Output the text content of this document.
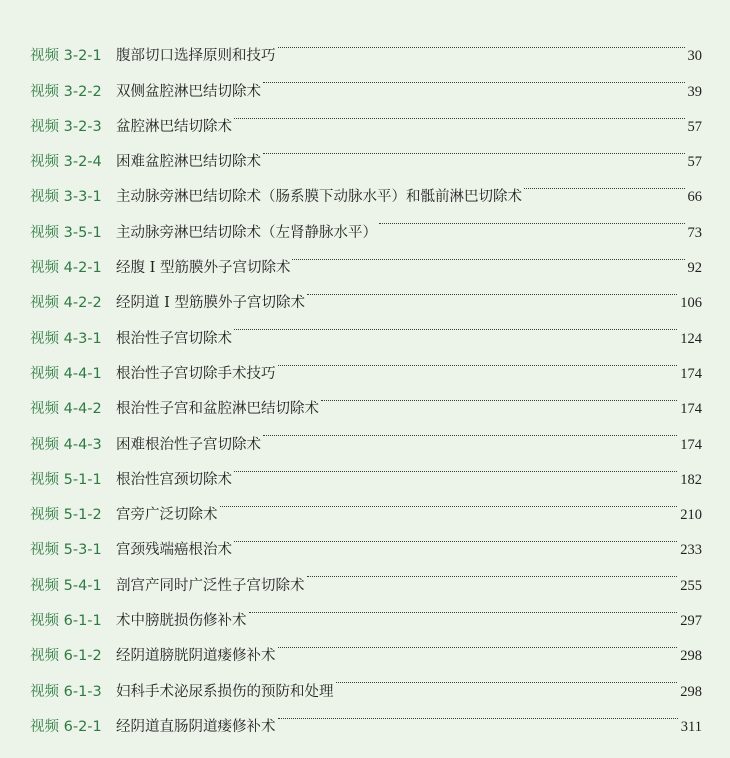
视频 3-2-1 腹部切口选择原则和技巧	30
视频 3-2-2 双侧盆腔淋巴结切除术	39
视频 3-2-3 盆腔淋巴结切除术	57
视频 3-2-4 困难盆腔淋巴结切除术	57
视频 3-3-1 主动脉旁淋巴结切除术（肠系膜下动脉水平）和骶前淋巴切除术	66
视频 3-5-1 主动脉旁淋巴结切除术（左肾静脉水平）	73
视频 4-2-1 经腹 I 型筋膜外子宫切除术	92
视频 4-2-2 经阴道 I 型筋膜外子宫切除术	106
视频 4-3-1 根治性子宫切除术	124
视频 4-4-1 根治性子宫切除手术技巧	174
视频 4-4-2 根治性子宫和盆腔淋巴结切除术	174
视频 4-4-3 困难根治性子宫切除术	174
视频 5-1-1 根治性宫颈切除术	182
视频 5-1-2 宫旁广泛切除术	210
视频 5-3-1 宫颈残端癌根治术	233
视频 5-4-1 剖宫产同时广泛性子宫切除术	255
视频 6-1-1 术中膀胱损伤修补术	297
视频 6-1-2 经阴道膀胱阴道瘘修补术	298
视频 6-1-3 妇科手术泌尿系损伤的预防和处理	298
视频 6-2-1 经阴道直肠阴道瘘修补术	311
